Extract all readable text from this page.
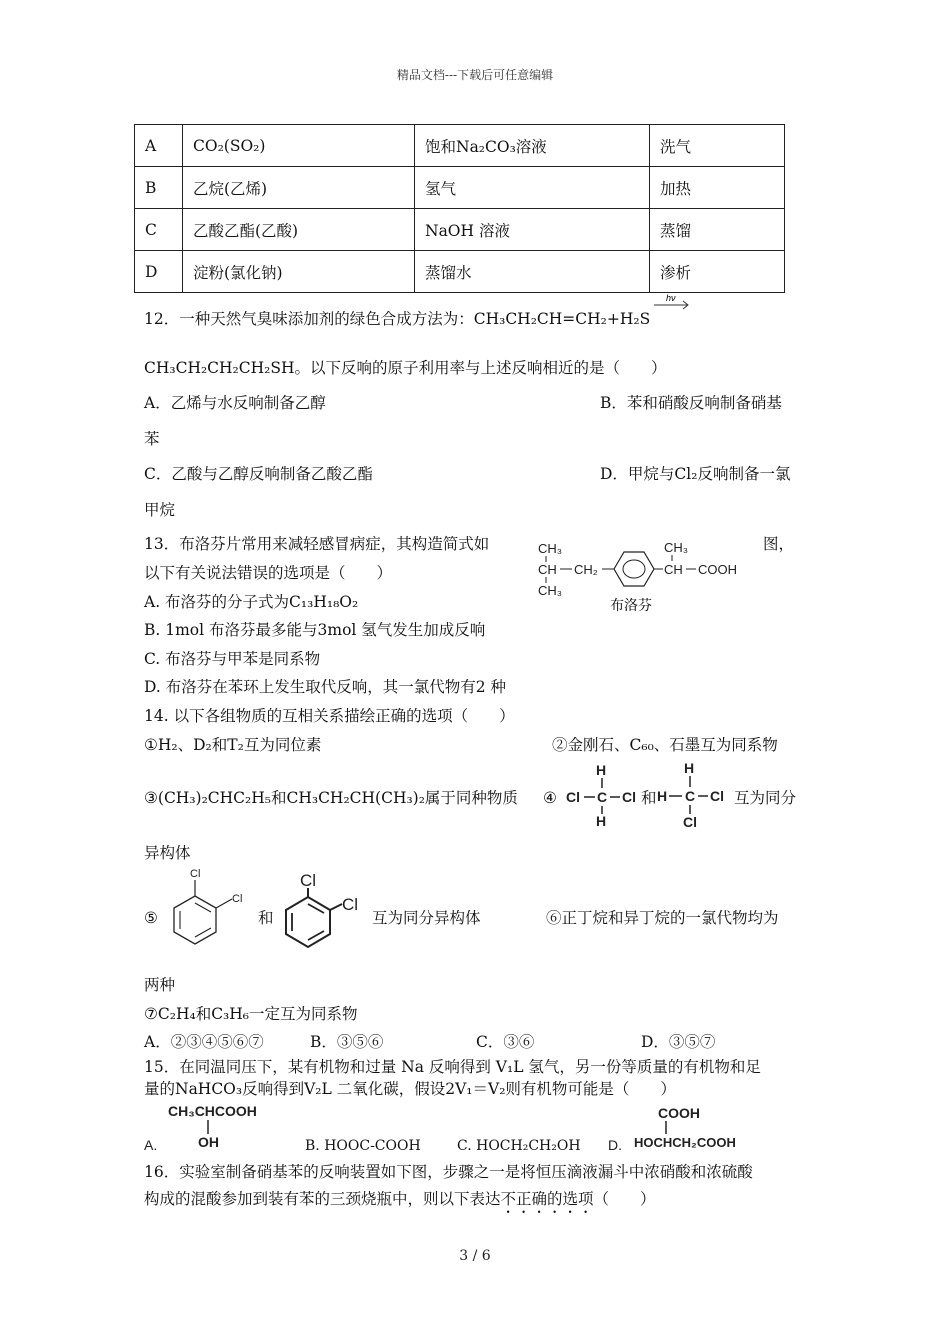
精品文档---下载后可任意编辑
A	CO₂(SO₂)	饱和Na₂CO₃溶液	洗气
B	乙烷(乙烯)	氢气	加热
C	乙酸乙酯(乙酸)	NaOH 溶液	蒸馏
D	淀粉(氯化钠)	蒸馏水	渗析
12．一种天然气臭味添加剂的绿色合成方法为：CH₃CH₂CH=CH₂+H₂S
hν
CH₃CH₂CH₂CH₂SH。以下反响的原子利用率与上述反响相近的是（　　）
A．乙烯与水反响制备乙醇	B．苯和硝酸反响制备硝基
苯
C．乙酸与乙醇反响制备乙酸乙酯	D．甲烷与Cl₂反响制备一氯
甲烷
13．布洛芬片常用来减轻感冒病症，其构造简式如	图，
以下有关说法错误的选项是（　　）
CH₃
CH
CH₃
CH₂
CH₃
CH COOH
布洛芬
A. 布洛芬的分子式为C₁₃H₁₈O₂
B. 1mol 布洛芬最多能与3mol 氢气发生加成反响
C. 布洛芬与甲苯是同系物
D. 布洛芬在苯环上发生取代反响，其一氯代物有2 种
14. 以下各组物质的互相关系描绘正确的选项（　　）
①H₂、D₂和T₂互为同位素	②金刚石、C₆₀、石墨互为同系物
③(CH₃)₂CHC₂H₅和CH₃CH₂CH(CH₃)₂属于同种物质 ④
H
Cl C Cl
H
和
H
H C Cl
Cl
互为同分
异构体
⑤
Cl
Cl
和
Cl
Cl
互为同分异构体	⑥正丁烷和异丁烷的一氯代物均为
两种
⑦C₂H₄和C₃H₆一定互为同系物
A．②③④⑤⑥⑦	B．③⑤⑥	C．③⑥	D．③⑤⑦
15．在同温同压下，某有机物和过量 Na 反响得到 V₁L 氢气，另一份等质量的有机物和足
量的NaHCO₃反响得到V₂L 二氧化碳，假设2V₁＝V₂则有机物可能是（　　）
CH₃CHCOOH
A.	OH	B. HOOC-COOH	C. HOCH₂CH₂OH D.
COOH
HOCHCH₂COOH
16．实验室制备硝基苯的反响装置如下图，步骤之一是将恒压滴液漏斗中浓硝酸和浓硫酸
构成的混酸参加到装有苯的三颈烧瓶中，则以下表达不正确的选项（　　）
3 / 6
